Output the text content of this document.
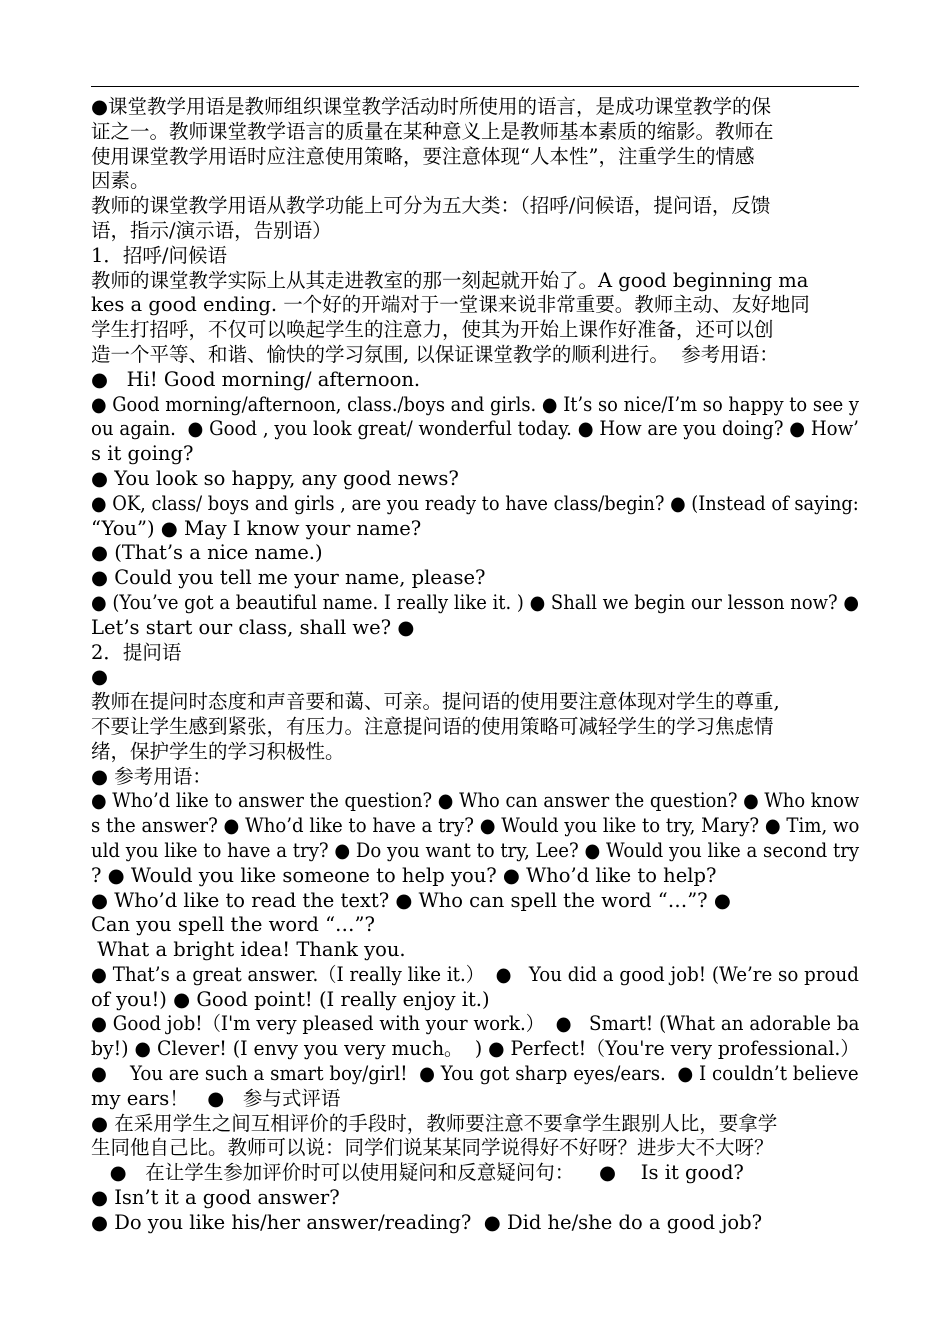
●课堂教学用语是教师组织课堂教学活动时所使用的语言，是成功课堂教学的保
证之一。教师课堂教学语言的质量在某种意义上是教师基本素质的缩影。教师在
使用课堂教学用语时应注意使用策略，要注意体现“人本性”，注重学生的情感
因素。
教师的课堂教学用语从教学功能上可分为五大类：（招呼/问候语，提问语，反馈
语，指示/演示语，告别语）
1．招呼/问候语
教师的课堂教学实际上从其走进教室的那一刻起就开始了。A good beginning ma
kes a good ending. 一个好的开端对于一堂课来说非常重要。教师主动、友好地同
学生打招呼，不仅可以唤起学生的注意力，使其为开始上课作好准备，还可以创
造一个平等、和谐、愉快的学习氛围, 以保证课堂教学的顺利进行。  参考用语：
●   Hi! Good morning/ afternoon.
● Good morning/afternoon, class./boys and girls. ● It’s so nice/I’m so happy to see y
ou again.  ● Good , you look great/ wonderful today. ● How are you doing? ● How’
s it going?
● You look so happy, any good news?
● OK, class/ boys and girls , are you ready to have class/begin? ● (Instead of saying:
“You”) ● May I know your name?
● (That’s a nice name.)
● Could you tell me your name, please?
● (You’ve got a beautiful name. I really like it. ) ● Shall we begin our lesson now? ●
Let’s start our class, shall we? ●
2．提问语
●
教师在提问时态度和声音要和蔼、可亲。提问语的使用要注意体现对学生的尊重,
不要让学生感到紧张，有压力。注意提问语的使用策略可减轻学生的学习焦虑情
绪，保护学生的学习积极性。
● 参考用语：
● Who’d like to answer the question? ● Who can answer the question? ● Who know
s the answer? ● Who’d like to have a try? ● Would you like to try, Mary? ● Tim, wo
uld you like to have a try? ● Do you want to try, Lee? ● Would you like a second try
? ● Would you like someone to help you? ● Who’d like to help?
● Who’d like to read the text? ● Who can spell the word “…”? ●
Can you spell the word “…”?
What a bright idea! Thank you.
● That’s a great answer.（I really like it.）  ●   You did a good job! (We’re so proud
of you!) ● Good point! (I really enjoy it.)
● Good job!（I'm very pleased with your work.）  ●   Smart! (What an adorable ba
by!) ● Clever! (I envy you very much。  ) ● Perfect!（You're very professional.）
●    You are such a smart boy/girl!  ● You got sharp eyes/ears.  ● I couldn’t believe
my ears！   ●   参与式评语
● 在采用学生之间互相评价的手段时，教师要注意不要拿学生跟别人比，要拿学
生同他自己比。教师可以说：同学们说某某同学说得好不好呀？进步大不大呀？
●   在让学生参加评价时可以使用疑问和反意疑问句：    ●    Is it good?
● Isn’t it a good answer?
● Do you like his/her answer/reading?  ● Did he/she do a good job?
